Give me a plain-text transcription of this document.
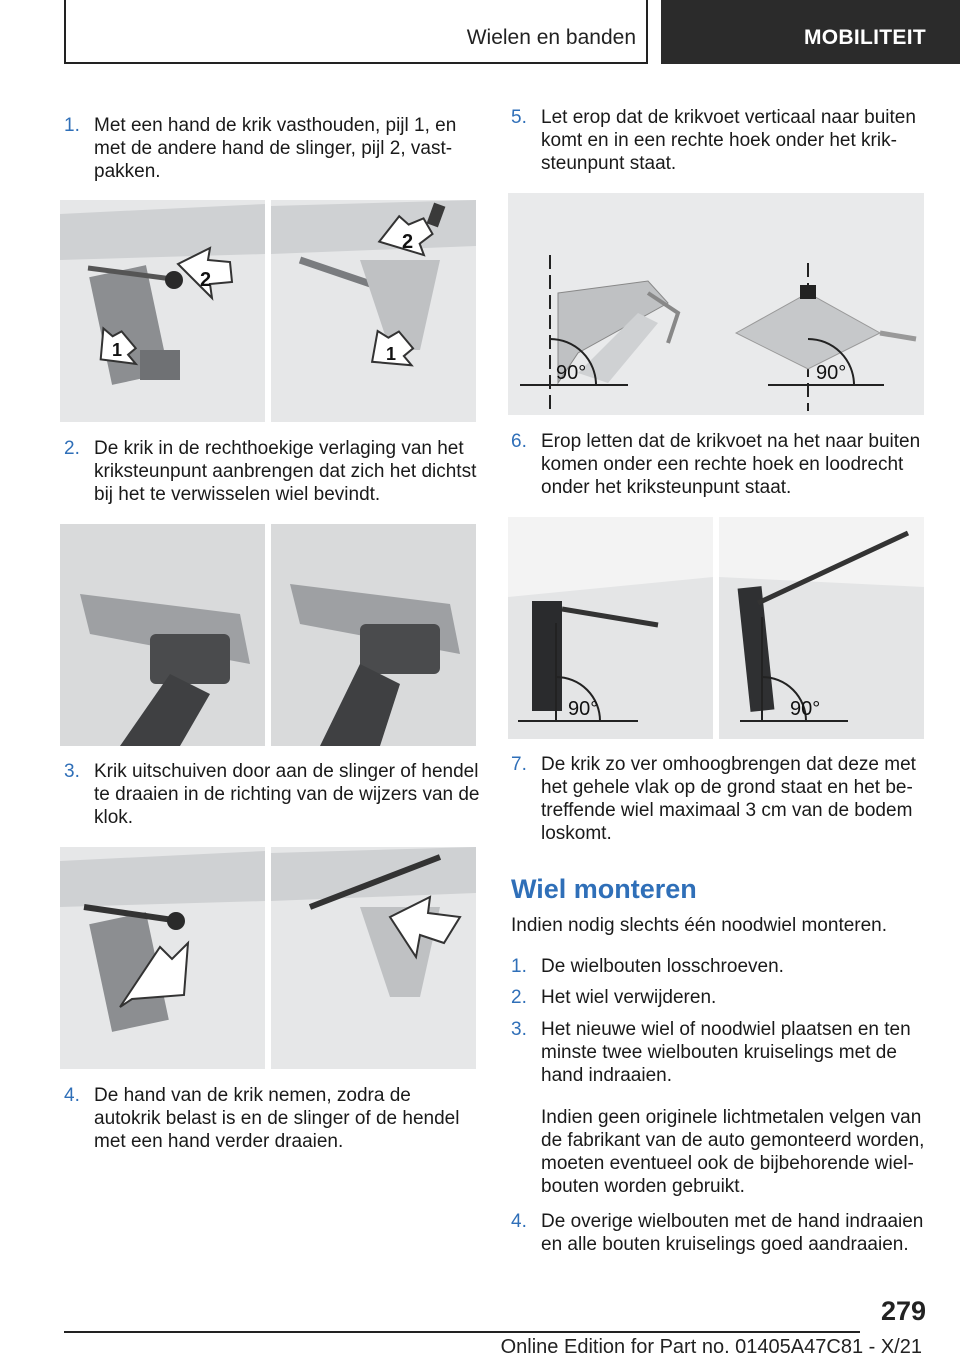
Wielen en banden	MOBILITEIT
1. Met een hand de krik vasthouden, pijl 1, en met de andere hand de slinger, pijl 2, vastpakken.
2
1
2
1
2. De krik in de rechthoekige verlaging van het kriksteunpunt aanbrengen dat zich het dichtst bij het te verwisselen wiel bevindt.
3. Krik uitschuiven door aan de slinger of hendel te draaien in de richting van de wijzers van de klok.
4. De hand van de krik nemen, zodra de autokrik belast is en de slinger of de hendel met een hand verder draaien.
5. Let erop dat de krikvoet verticaal naar buiten komt en in een rechte hoek onder het kriksteunpunt staat.
90°	90°
6. Erop letten dat de krikvoet na het naar buiten komen onder een rechte hoek en loodrecht onder het kriksteunpunt staat.
90°	90°
7. De krik zo ver omhoogbrengen dat deze met het gehele vlak op de grond staat en het betreffende wiel maximaal 3 cm van de bodem loskomt.
Wiel monteren
Indien nodig slechts één noodwiel monteren.
1. De wielbouten losschroeven.
2. Het wiel verwijderen.
3. Het nieuwe wiel of noodwiel plaatsen en ten minste twee wielbouten kruiselings met de hand indraaien.
Indien geen originele lichtmetalen velgen van de fabrikant van de auto gemonteerd worden, moeten eventueel ook de bijbehorende wielbouten worden gebruikt.
4. De overige wielbouten met de hand indraaien en alle bouten kruiselings goed aandraaien.
279
Online Edition for Part no. 01405A47C81 - X/21
